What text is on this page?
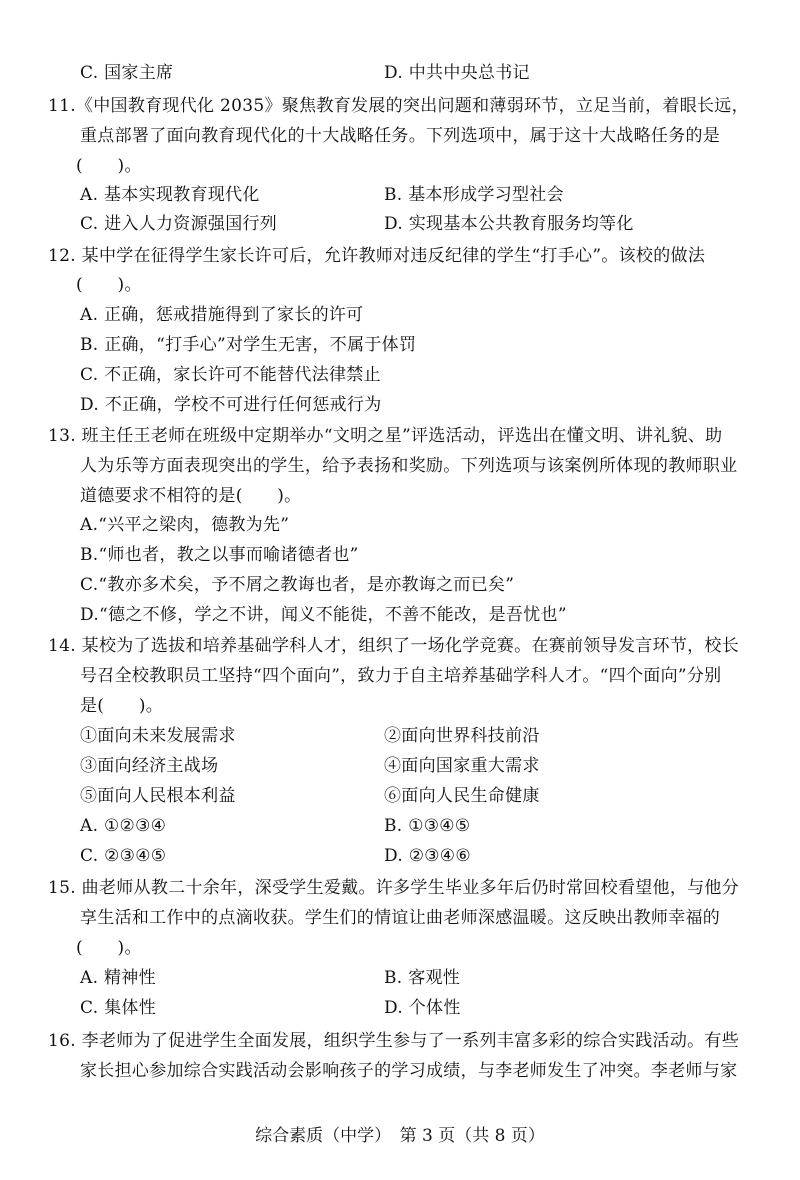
C. 国家主席	D. 中共中央总书记
11.《中国教育现代化 2035》聚焦教育发展的突出问题和薄弱环节，立足当前，着眼长远，
重点部署了面向教育现代化的十大战略任务。下列选项中，属于这十大战略任务的是
(　　)。
A. 基本实现教育现代化	B. 基本形成学习型社会
C. 进入人力资源强国行列	D. 实现基本公共教育服务均等化
12. 某中学在征得学生家长许可后，允许教师对违反纪律的学生“打手心”。该校的做法
(　　)。
A. 正确，惩戒措施得到了家长的许可
B. 正确，“打手心”对学生无害，不属于体罚
C. 不正确，家长许可不能替代法律禁止
D. 不正确，学校不可进行任何惩戒行为
13. 班主任王老师在班级中定期举办“文明之星”评选活动，评选出在懂文明、讲礼貌、助
人为乐等方面表现突出的学生，给予表扬和奖励。下列选项与该案例所体现的教师职业
道德要求不相符的是(　　)。
A.“兴平之梁肉，德教为先”
B.“师也者，教之以事而喻诸德者也”
C.“教亦多术矣，予不屑之教诲也者，是亦教诲之而已矣”
D.“德之不修，学之不讲，闻义不能徙，不善不能改，是吾忧也”
14. 某校为了选拔和培养基础学科人才，组织了一场化学竞赛。在赛前领导发言环节，校长
号召全校教职员工坚持“四个面向”，致力于自主培养基础学科人才。“四个面向”分别
是(　　)。
①面向未来发展需求	②面向世界科技前沿
③面向经济主战场	④面向国家重大需求
⑤面向人民根本利益	⑥面向人民生命健康
A. ①②③④	B. ①③④⑤
C. ②③④⑤	D. ②③④⑥
15. 曲老师从教二十余年，深受学生爱戴。许多学生毕业多年后仍时常回校看望他，与他分
享生活和工作中的点滴收获。学生们的情谊让曲老师深感温暖。这反映出教师幸福的
(　　)。
A. 精神性	B. 客观性
C. 集体性	D. 个体性
16. 李老师为了促进学生全面发展，组织学生参与了一系列丰富多彩的综合实践活动。有些
家长担心参加综合实践活动会影响孩子的学习成绩，与李老师发生了冲突。李老师与家
综合素质（中学）　第 3 页（共 8 页）
